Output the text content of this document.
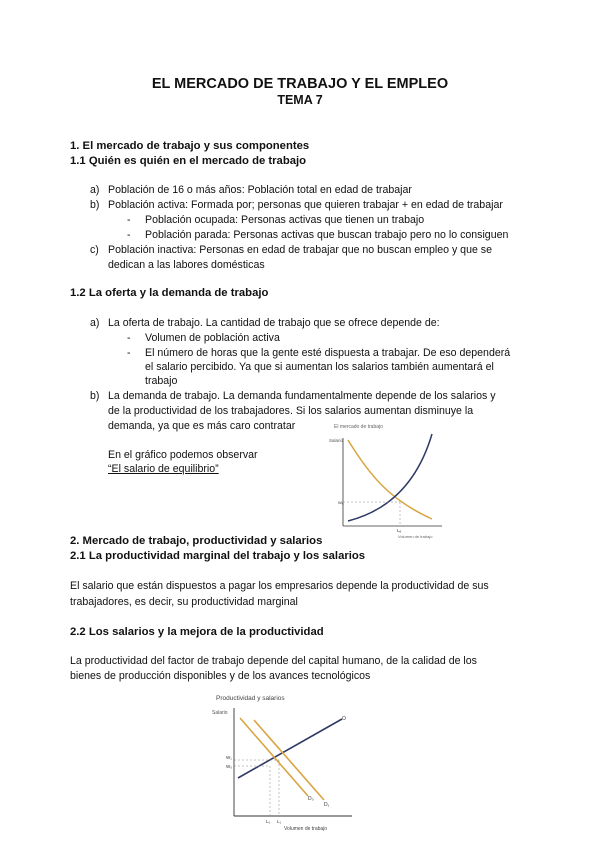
EL MERCADO DE TRABAJO Y EL EMPLEO
TEMA 7
1. El mercado de trabajo y sus componentes
1.1 Quién es quién en el mercado de trabajo
a) Población de 16 o más años: Población total en edad de trabajar
b) Población activa: Formada por; personas que quieren trabajar + en edad de trabajar
- Población ocupada: Personas activas que tienen un trabajo
- Población parada: Personas activas que buscan trabajo pero no lo consiguen
c) Población inactiva: Personas en edad de trabajar que no buscan empleo y que se
dedican a las labores domésticas
1.2 La oferta y la demanda de trabajo
a) La oferta de trabajo. La cantidad de trabajo que se ofrece depende de:
- Volumen de población activa
- El número de horas que la gente esté dispuesta a trabajar. De eso dependerá
el salario percibido. Ya que si aumentan los salarios también aumentará el
trabajo
b) La demanda de trabajo. La demanda fundamentalmente depende de los salarios y
de la productividad de los trabajadores. Si los salarios aumentan disminuye la
demanda, ya que es más caro contratar
En el gráfico podemos observar
“El salario de equilibrio”
El mercado de trabajo
Salario
Wₑ
Lₑ
Volumen de trabajo
2. Mercado de trabajo, productividad y salarios
2.1 La productividad marginal del trabajo y los salarios
El salario que están dispuestos a pagar los empresarios depende la productividad de sus
trabajadores, es decir, su productividad marginal
2.2 Los salarios y la mejora de la productividad
La productividad del factor de trabajo depende del capital humano, de la calidad de los
bienes de producción disponibles y de los avances tecnológicos
Productividad y salarios
Salario
O
D₀
D₁
W₁
W₀
L₀ L₁
Volumen de trabajo
